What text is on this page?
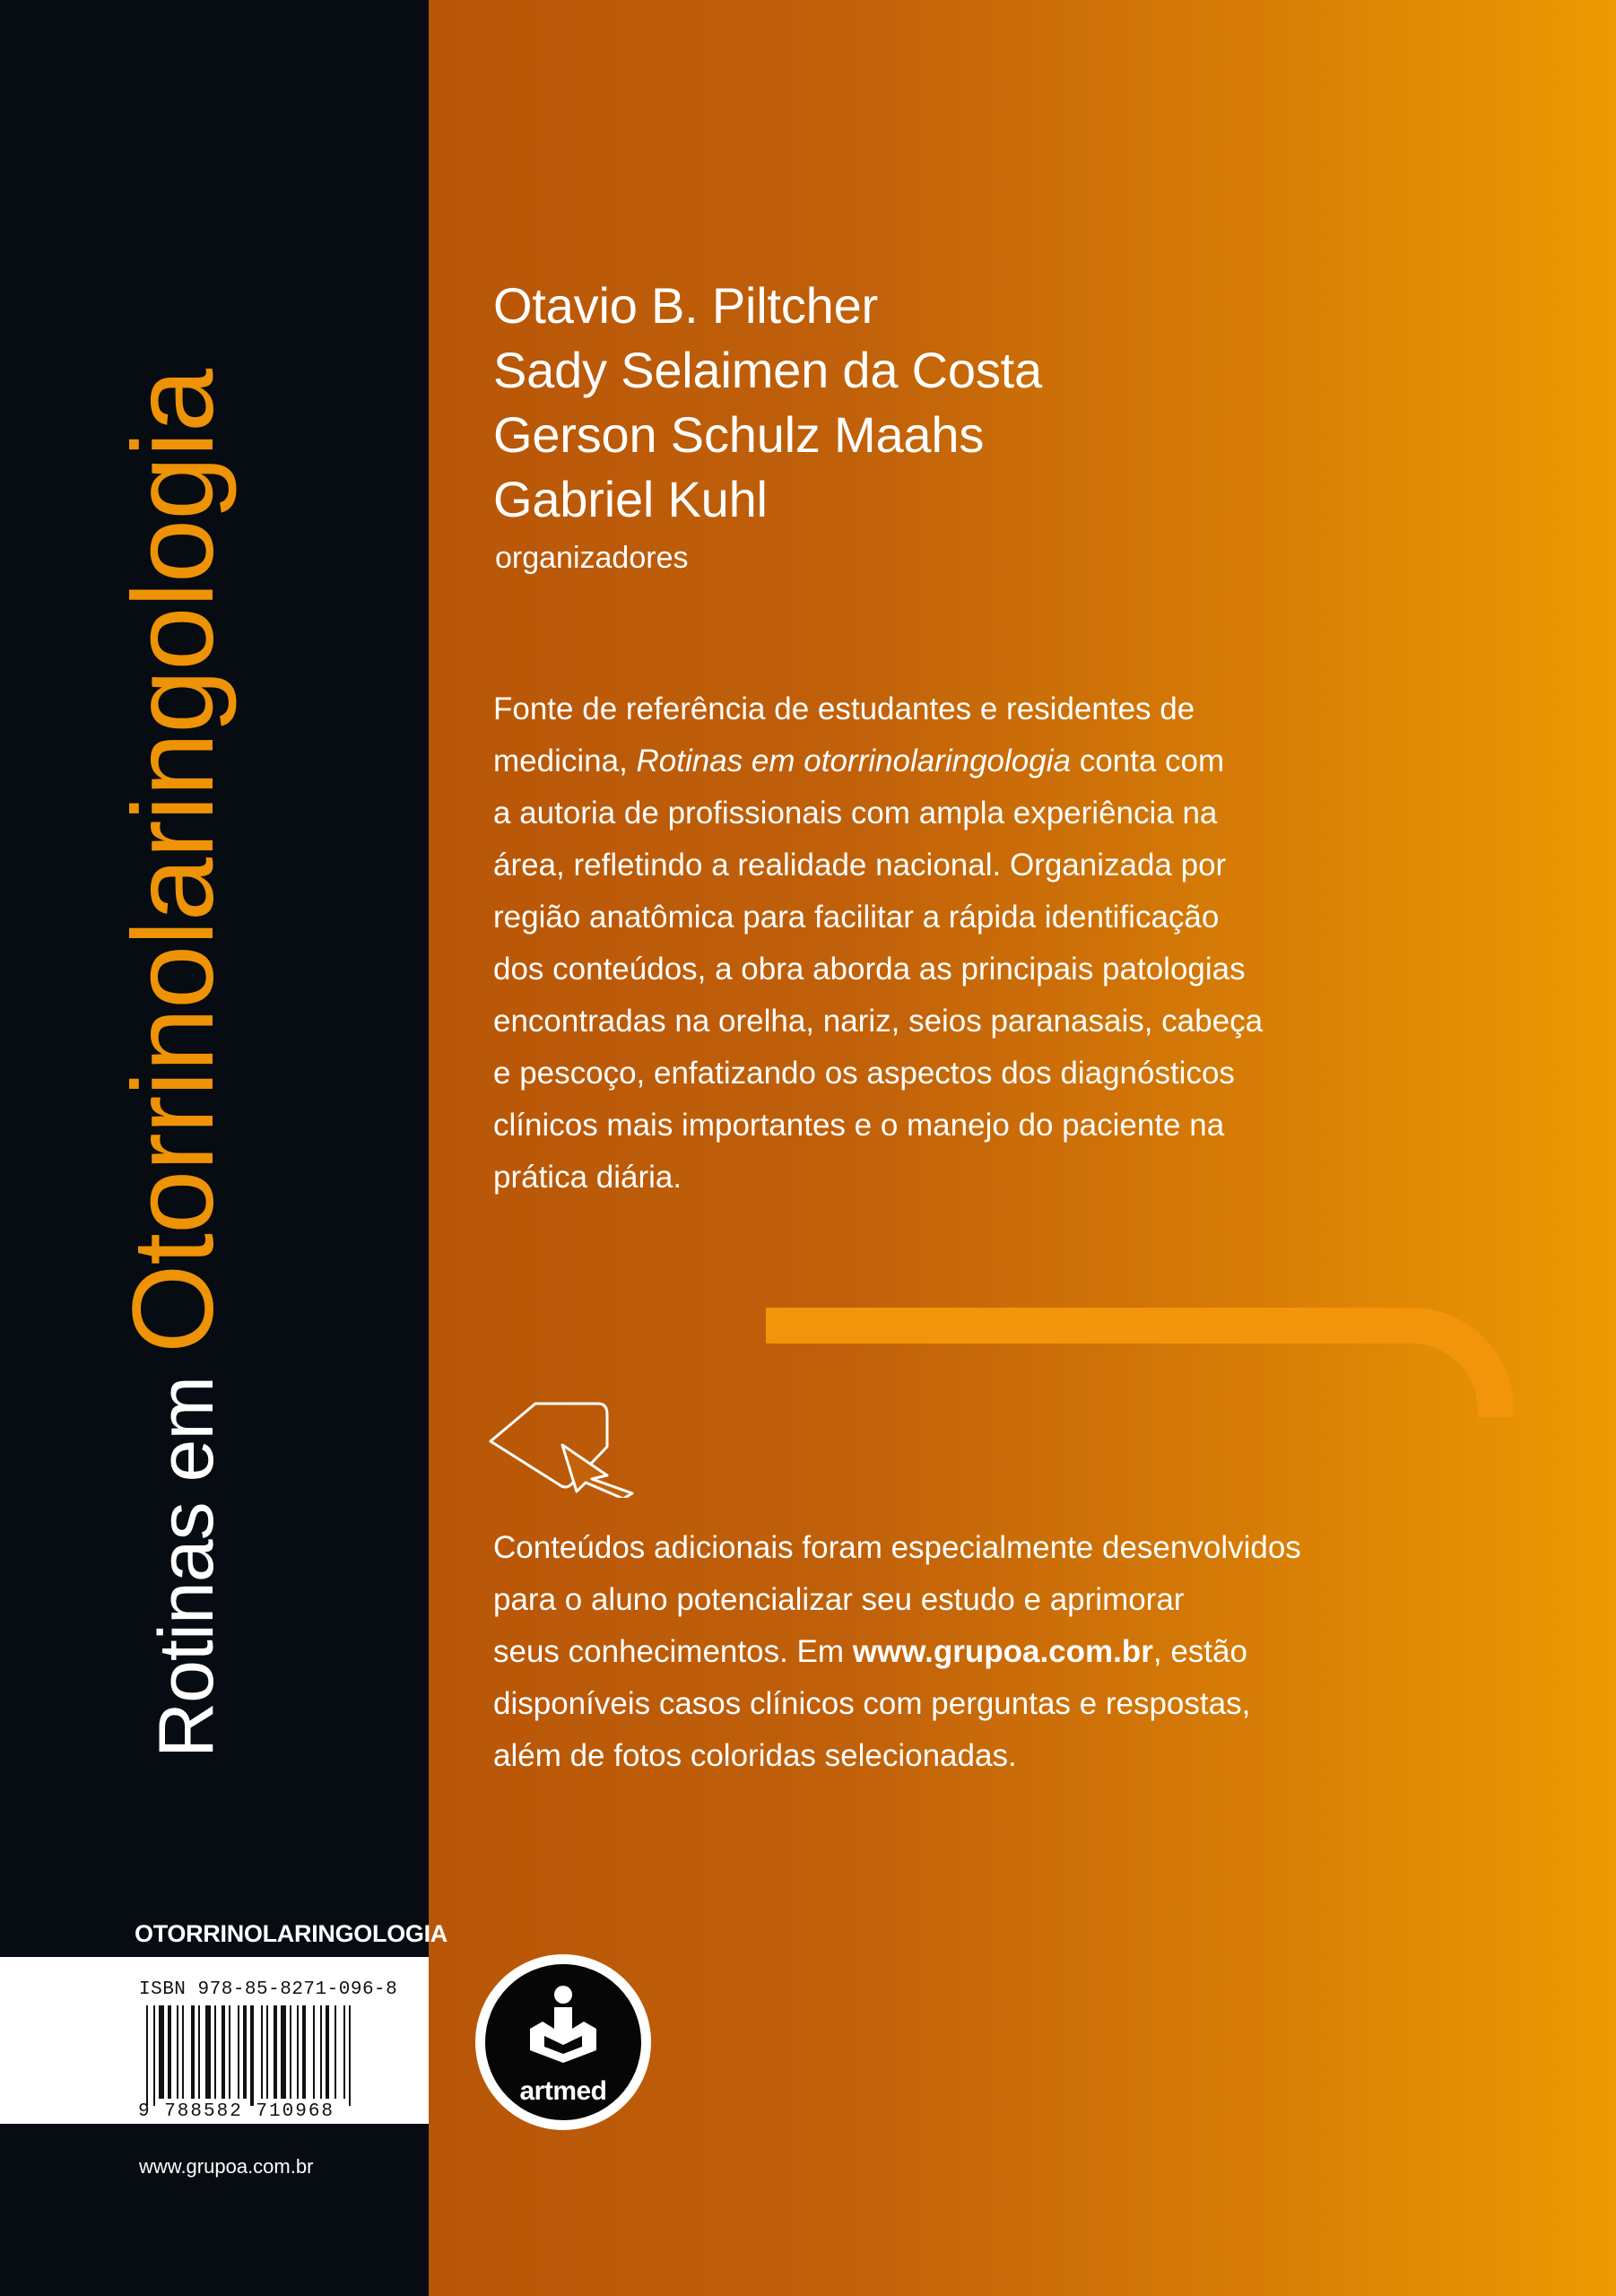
Rotinas emOtorrinolaringologia
OTORRINOLARINGOLOGIA
ISBN 978-85-8271-096-8
9 788582 710968
www.grupoa.com.br
Otavio B. Piltcher
Sady Selaimen da Costa
Gerson Schulz Maahs
Gabriel Kuhl
organizadores
Fonte de referência de estudantes e residentes de
medicina, Rotinas em otorrinolaringologia conta com
a autoria de profissionais com ampla experiência na
área, refletindo a realidade nacional. Organizada por
região anatômica para facilitar a rápida identificação
dos conteúdos, a obra aborda as principais patologias
encontradas na orelha, nariz, seios paranasais, cabeça
e pescoço, enfatizando os aspectos dos diagnósticos
clínicos mais importantes e o manejo do paciente na
prática diária.
Conteúdos adicionais foram especialmente desenvolvidos
para o aluno potencializar seu estudo e aprimorar
seus conhecimentos. Em www.grupoa.com.br, estão
disponíveis casos clínicos com perguntas e respostas,
além de fotos coloridas selecionadas.
artmed
